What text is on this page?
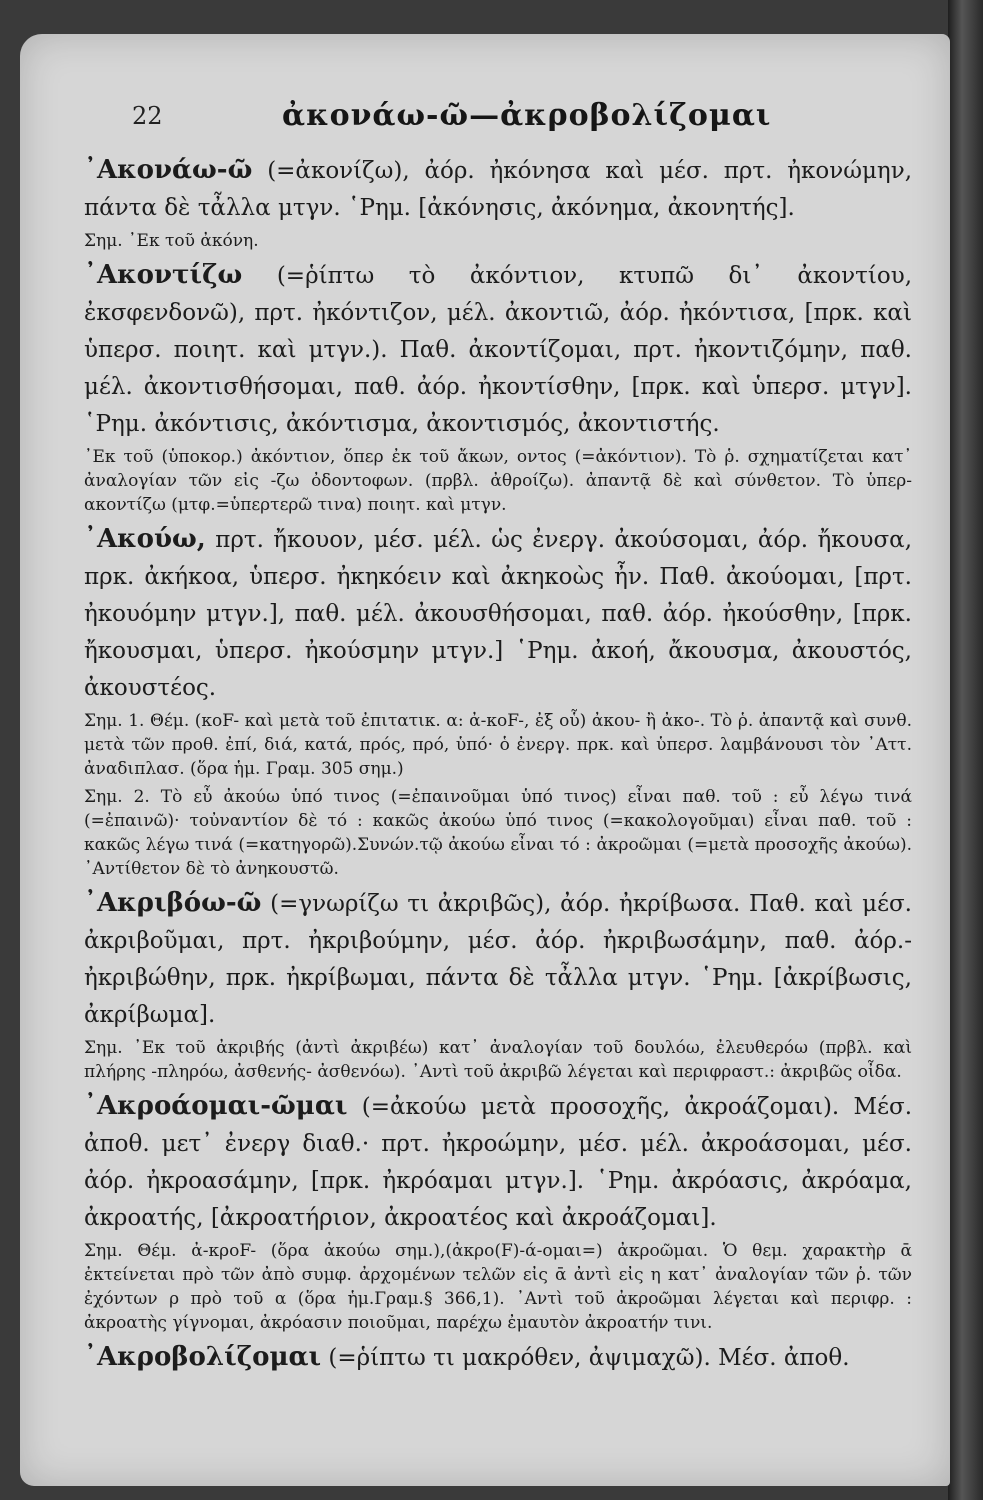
22	ἀκονάω-ῶ—ἀκροβολίζομαι

᾿Ακονάω-ῶ (=ἀκονίζω), ἀόρ. ἠκόνησα καὶ μέσ. πρτ. ἠκονώμην, πάντα δὲ τἆλλα μτγν. ῾Ρημ. [ἀκόνησις, ἀκόνημα, ἀκονητής].

Σημ. ᾿Εκ τοῦ ἀκόνη.

᾿Ακοντίζω (=ῥίπτω τὸ ἀκόντιον, κτυπῶ δι᾿ ἀκοντίου, ἐκσφενδονῶ), πρτ. ἠκόντιζον, μέλ. ἀκοντιῶ, ἀόρ. ἠκόντισα, [πρκ. καὶ ὑπερσ. ποιητ. καὶ μτγν.). Παθ. ἀκοντίζομαι, πρτ. ἠκοντιζόμην, παθ. μέλ. ἀκοντισθήσομαι, παθ. ἀόρ. ἠκοντίσθην, [πρκ. καὶ ὑπερσ. μτγν]. ῾Ρημ. ἀκόντισις, ἀκόντισμα, ἀκοντισμός, ἀκοντιστής.

᾿Εκ τοῦ (ὑποκορ.) ἀκόντιον, ὅπερ ἐκ τοῦ ἄκων, οντος (=ἀκόντιον). Τὸ ῥ. σχηματίζεται κατ᾿ ἀναλογίαν τῶν εἰς -ζω ὀδοντοφων. (πρβλ. ἀθροίζω). ἀπαντᾷ δὲ καὶ σύνθετον. Τὸ ὑπερ-ακοντίζω (μτφ.=ὑπερτερῶ τινα) ποιητ. καὶ μτγν.

᾿Ακούω, πρτ. ἤκουον, μέσ. μέλ. ὡς ἐνεργ. ἀκούσομαι, ἀόρ. ἤκουσα, πρκ. ἀκήκοα, ὑπερσ. ἠκηκόειν καὶ ἀκηκοὼς ἦν. Παθ. ἀκούομαι, [πρτ. ἠκουόμην μτγν.], παθ. μέλ. ἀκουσθήσομαι, παθ. ἀόρ. ἠκούσθην, [πρκ. ἤκουσμαι, ὑπερσ. ἠκούσμην μτγν.] ῾Ρημ. ἀκοή, ἄκουσμα, ἀκουστός, ἀκουστέος.

Σημ. 1. Θέμ. (κοF- καὶ μετὰ τοῦ ἐπιτατικ. α: ἀ-κοF-, ἐξ οὗ) ἀκου- ἢ ἀκο-. Τὸ ῥ. ἀπαντᾷ καὶ συνθ. μετὰ τῶν προθ. ἐπί, διά, κατά, πρός, πρό, ὑπό· ὁ ἐνεργ. πρκ. καὶ ὑπερσ. λαμβάνουσι τὸν ᾿Αττ. ἀναδιπλασ. (ὅρα ἡμ. Γραμ. 305 σημ.)

Σημ. 2. Τὸ εὖ ἀκούω ὑπό τινος (=ἐπαινοῦμαι ὑπό τινος) εἶναι παθ. τοῦ : εὖ λέγω τινά (=ἐπαινῶ)· τοὐναντίον δὲ τό : κακῶς ἀκούω ὑπό τινος (=κακολογοῦμαι) εἶναι παθ. τοῦ : κακῶς λέγω τινά (=κατηγορῶ).Συνών.τῷ ἀκούω εἶναι τό : ἀκροῶμαι (=μετὰ προσοχῆς ἀκούω). ᾿Αντίθετον δὲ τὸ ἀνηκουστῶ.

᾿Ακριβόω-ῶ (=γνωρίζω τι ἀκριβῶς), ἀόρ. ἠκρίβωσα. Παθ. καὶ μέσ. ἀκριβοῦμαι, πρτ. ἠκριβούμην, μέσ. ἀόρ. ἠκριβωσάμην, παθ. ἀόρ.-ἠκριβώθην, πρκ. ἠκρίβωμαι, πάντα δὲ τἆλλα μτγν. ῾Ρημ. [ἀκρίβωσις, ἀκρίβωμα].

Σημ. ᾿Εκ τοῦ ἀκριβής (ἀντὶ ἀκριβέω) κατ᾿ ἀναλογίαν τοῦ δουλόω, ἐλευθερόω (πρβλ. καὶ πλήρης -πληρόω, ἀσθενής- ἀσθενόω). ᾿Αντὶ τοῦ ἀκριβῶ λέγεται καὶ περιφραστ.: ἀκριβῶς οἶδα.

᾿Ακροάομαι-ῶμαι (=ἀκούω μετὰ προσοχῆς, ἀκροάζομαι). Μέσ. ἀποθ. μετ᾿ ἐνεργ διαθ.· πρτ. ἠκροώμην, μέσ. μέλ. ἀκροάσομαι, μέσ. ἀόρ. ἠκροασάμην, [πρκ. ἠκρόαμαι μτγν.]. ῾Ρημ. ἀκρόασις, ἀκρόαμα, ἀκροατής, [ἀκροατήριον, ἀκροατέος καὶ ἀκροάζομαι].

Σημ. Θέμ. ἀ-κροF- (ὅρα ἀκούω σημ.),(ἀκρο(F)-ά-ομαι=) ἀκροῶμαι. Ὁ θεμ. χαρακτὴρ ᾱ ἐκτείνεται πρὸ τῶν ἀπὸ συμφ. ἀρχομένων τελῶν εἰς ᾱ ἀντὶ εἰς η κατ᾿ ἀναλογίαν τῶν ῥ. τῶν ἐχόντων ρ πρὸ τοῦ α (ὅρα ἡμ.Γραμ.§ 366,1). ᾿Αντὶ τοῦ ἀκροῶμαι λέγεται καὶ περιφρ. : ἀκροατὴς γίγνομαι, ἀκρόασιν ποιοῦμαι, παρέχω ἐμαυτὸν ἀκροατήν τινι.

᾿Ακροβολίζομαι (=ῥίπτω τι μακρόθεν, ἀψιμαχῶ). Μέσ. ἀποθ.
